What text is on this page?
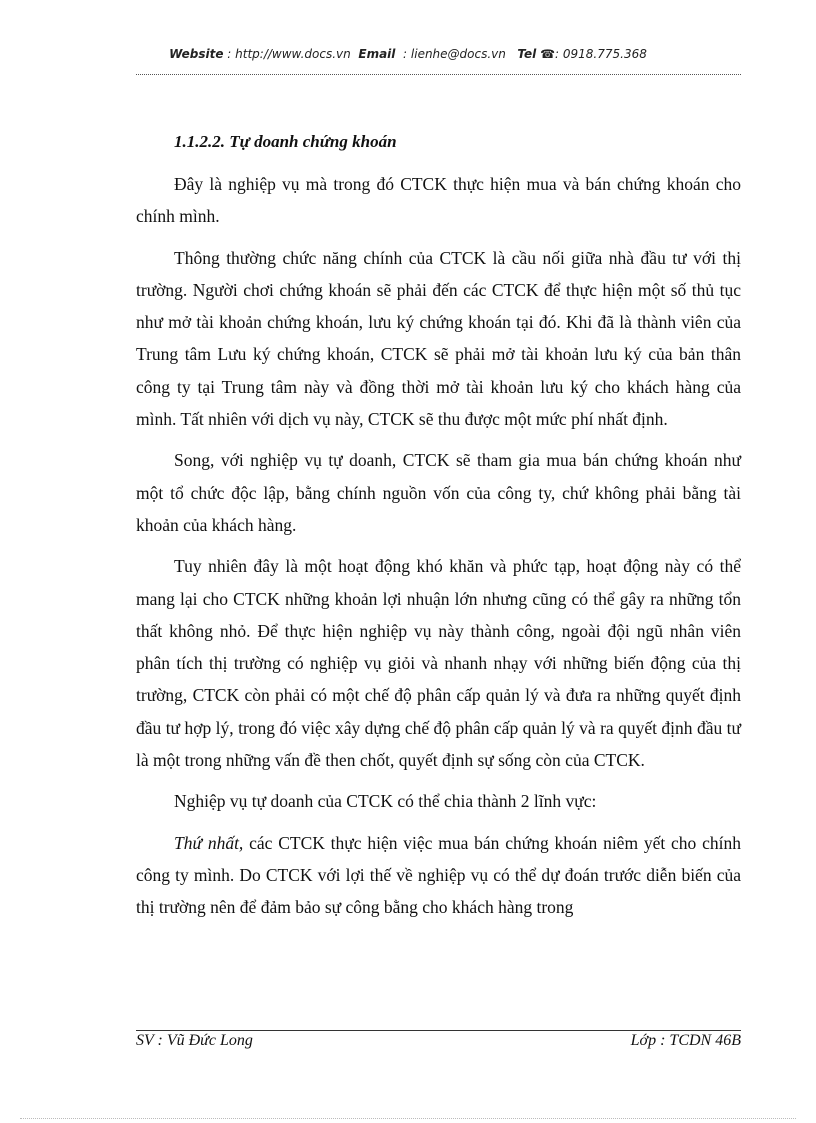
Website : http://www.docs.vn Email : lienhe@docs.vn Tel ☎: 0918.775.368
1.1.2.2. Tự doanh chứng khoán

Đây là nghiệp vụ mà trong đó CTCK thực hiện mua và bán chứng khoán cho chính mình.

Thông thường chức năng chính của CTCK là cầu nối giữa nhà đầu tư với thị trường. Người chơi chứng khoán sẽ phải đến các CTCK để thực hiện một số thủ tục như mở tài khoản chứng khoán, lưu ký chứng khoán tại đó. Khi đã là thành viên của Trung tâm Lưu ký chứng khoán, CTCK sẽ phải mở tài khoản lưu ký của bản thân công ty tại Trung tâm này và đồng thời mở tài khoản lưu ký cho khách hàng của mình. Tất nhiên với dịch vụ này, CTCK sẽ thu được một mức phí nhất định.

Song, với nghiệp vụ tự doanh, CTCK sẽ tham gia mua bán chứng khoán như một tổ chức độc lập, bằng chính nguồn vốn của công ty, chứ không phải bằng tài khoản của khách hàng.

Tuy nhiên đây là một hoạt động khó khăn và phức tạp, hoạt động này có thể mang lại cho CTCK những khoản lợi nhuận lớn nhưng cũng có thể gây ra những tổn thất không nhỏ. Để thực hiện nghiệp vụ này thành công, ngoài đội ngũ nhân viên phân tích thị trường có nghiệp vụ giỏi và nhanh nhạy với những biến động của thị trường, CTCK còn phải có một chế độ phân cấp quản lý và đưa ra những quyết định đầu tư hợp lý, trong đó việc xây dựng chế độ phân cấp quản lý và ra quyết định đầu tư là một trong những vấn đề then chốt, quyết định sự sống còn của CTCK.

Nghiệp vụ tự doanh của CTCK có thể chia thành 2 lĩnh vực:

Thứ nhất, các CTCK thực hiện việc mua bán chứng khoán niêm yết cho chính công ty mình. Do CTCK với lợi thế về nghiệp vụ có thể dự đoán trước diễn biến của thị trường nên để đảm bảo sự công bằng cho khách hàng trong

SV : Vũ Đức Long	Lớp : TCDN 46B
